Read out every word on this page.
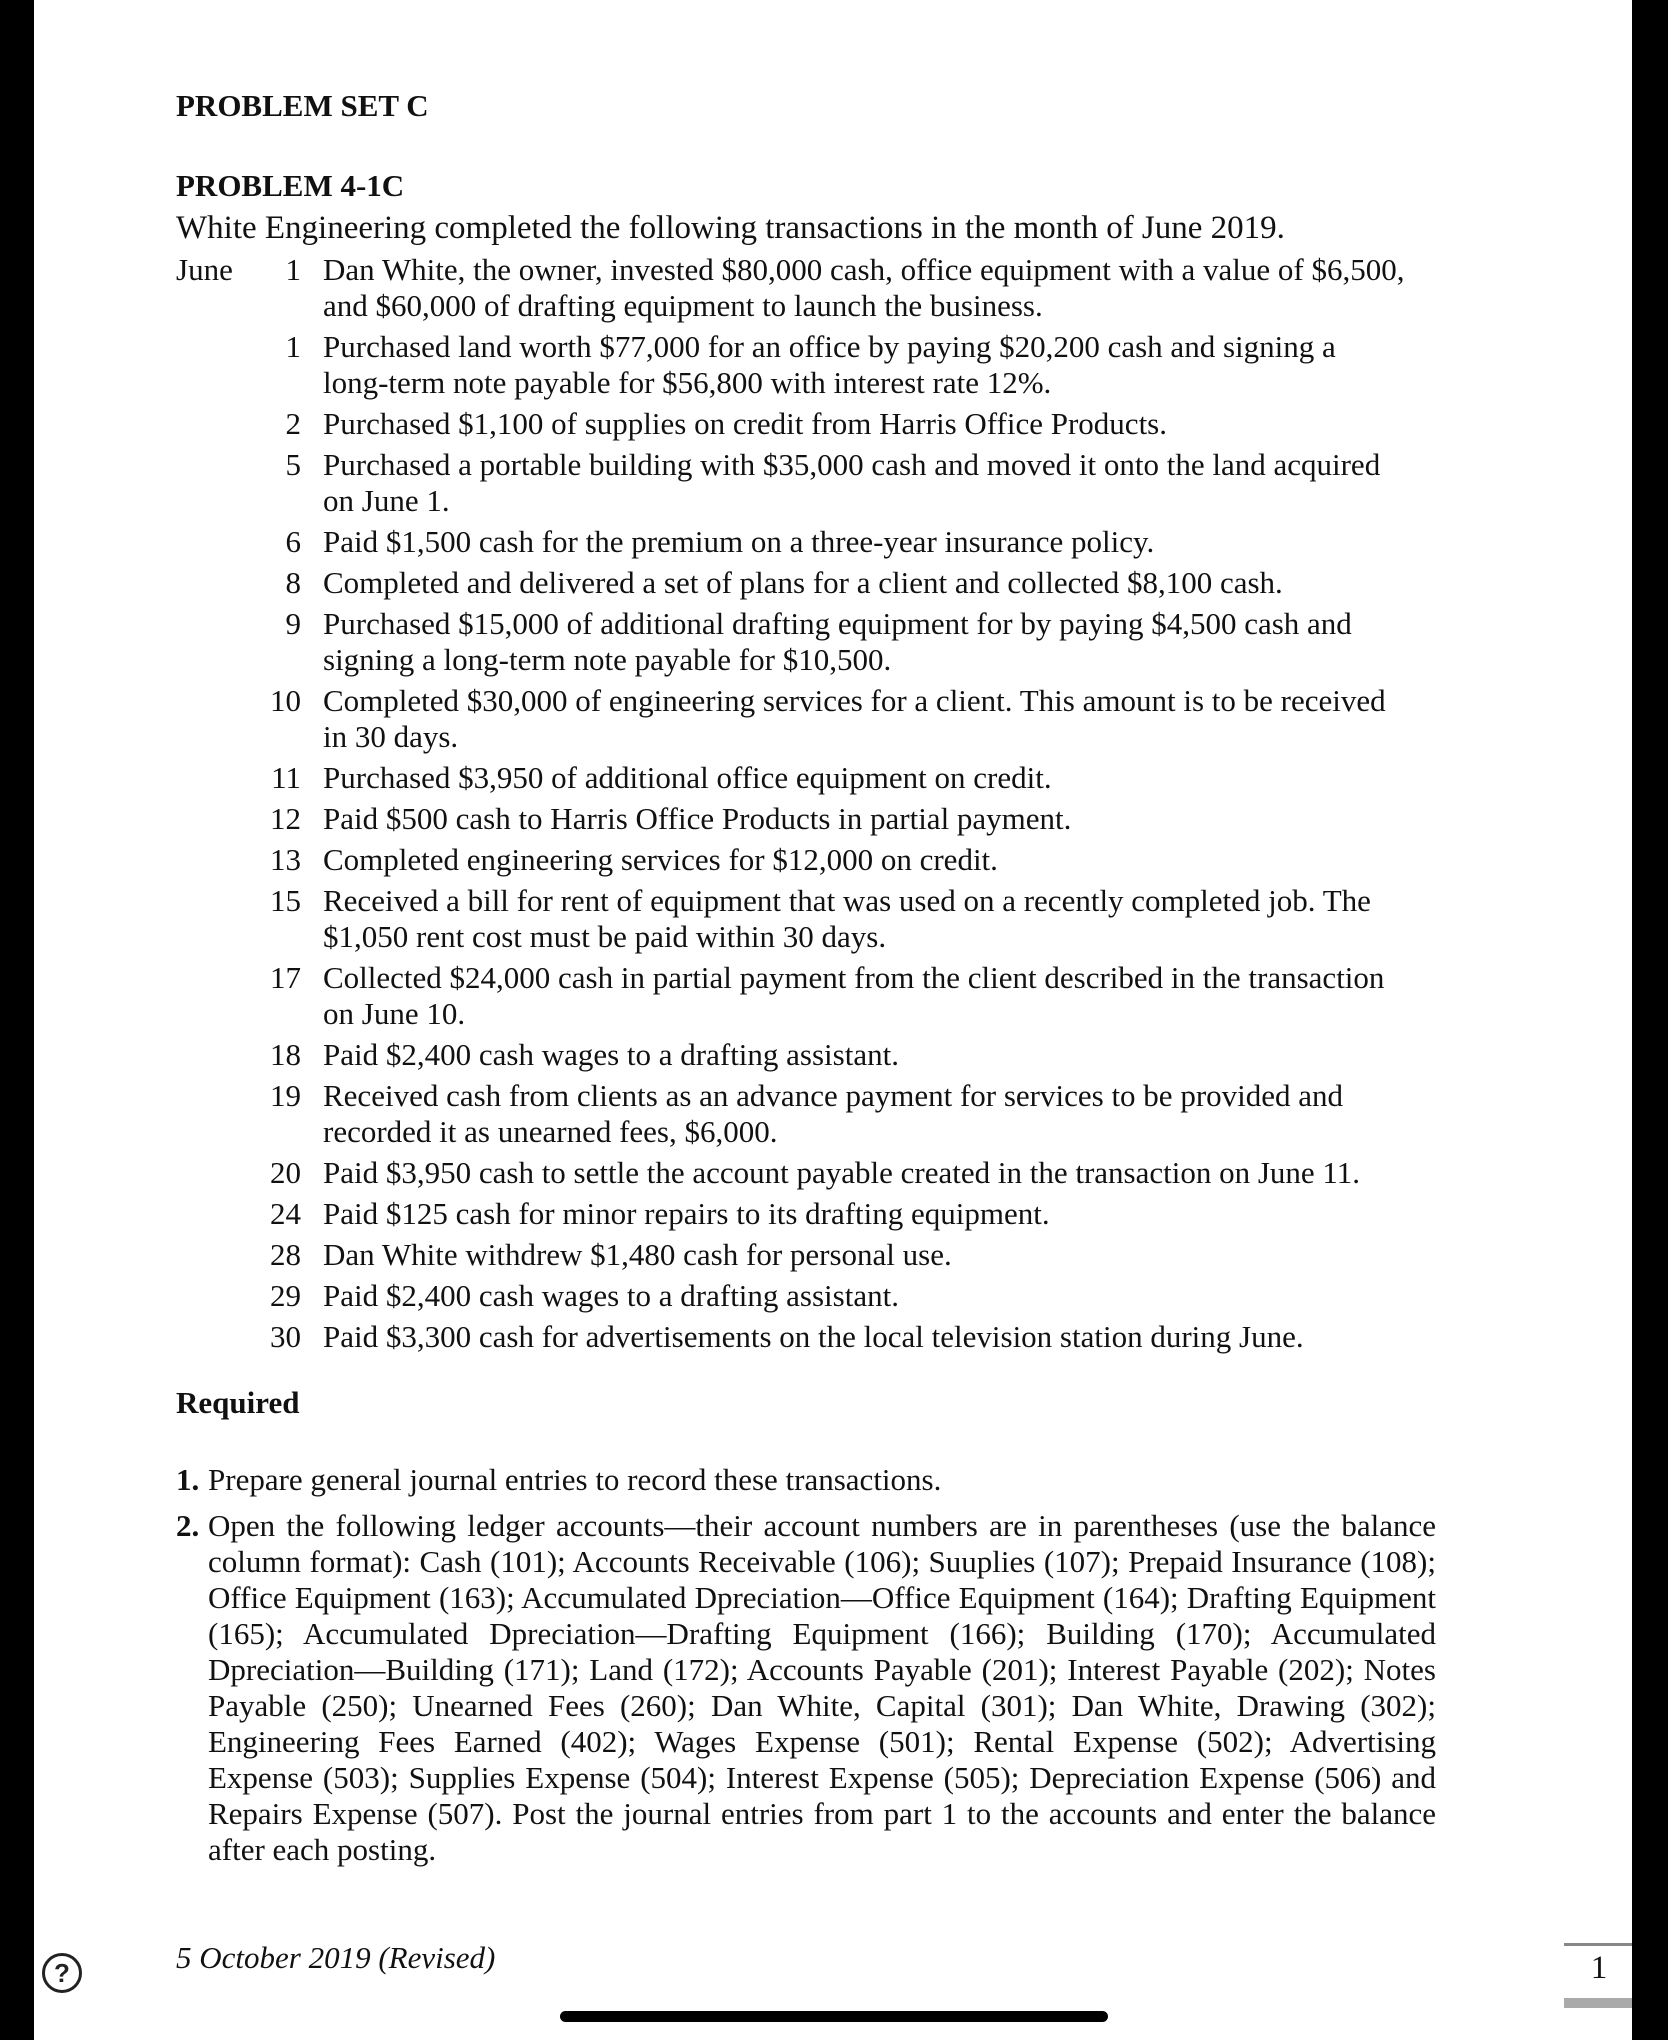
PROBLEM SET C
PROBLEM 4-1C
White Engineering completed the following transactions in the month of June 2019.
June	1 Dan White, the owner, invested $80,000 cash, office equipment with a value of $6,500, and $60,000 of drafting equipment to launch the business.
1 Purchased land worth $77,000 for an office by paying $20,200 cash and signing a long-term note payable for $56,800 with interest rate 12%.
2 Purchased $1,100 of supplies on credit from Harris Office Products.
5 Purchased a portable building with $35,000 cash and moved it onto the land acquired on June 1.
6 Paid $1,500 cash for the premium on a three-year insurance policy.
8 Completed and delivered a set of plans for a client and collected $8,100 cash.
9 Purchased $15,000 of additional drafting equipment for by paying $4,500 cash and signing a long-term note payable for $10,500.
10 Completed $30,000 of engineering services for a client. This amount is to be received in 30 days.
11 Purchased $3,950 of additional office equipment on credit.
12 Paid $500 cash to Harris Office Products in partial payment.
13 Completed engineering services for $12,000 on credit.
15 Received a bill for rent of equipment that was used on a recently completed job. The $1,050 rent cost must be paid within 30 days.
17 Collected $24,000 cash in partial payment from the client described in the transaction on June 10.
18 Paid $2,400 cash wages to a drafting assistant.
19 Received cash from clients as an advance payment for services to be provided and recorded it as unearned fees, $6,000.
20 Paid $3,950 cash to settle the account payable created in the transaction on June 11.
24 Paid $125 cash for minor repairs to its drafting equipment.
28 Dan White withdrew $1,480 cash for personal use.
29 Paid $2,400 cash wages to a drafting assistant.
30 Paid $3,300 cash for advertisements on the local television station during June.
Required
1. Prepare general journal entries to record these transactions.
2. Open the following ledger accounts—their account numbers are in parentheses (use the balance column format): Cash (101); Accounts Receivable (106); Suuplies (107); Prepaid Insurance (108); Office Equipment (163); Accumulated Dpreciation—Office Equipment (164); Drafting Equipment (165); Accumulated Dpreciation—Drafting Equipment (166); Building (170); Accumulated Dpreciation—Building (171); Land (172); Accounts Payable (201); Interest Payable (202); Notes Payable (250); Unearned Fees (260); Dan White, Capital (301); Dan White, Drawing (302); Engineering Fees Earned (402); Wages Expense (501); Rental Expense (502); Advertising Expense (503); Supplies Expense (504); Interest Expense (505); Depreciation Expense (506) and Repairs Expense (507). Post the journal entries from part 1 to the accounts and enter the balance after each posting.
5 October 2019 (Revised)	1
?
